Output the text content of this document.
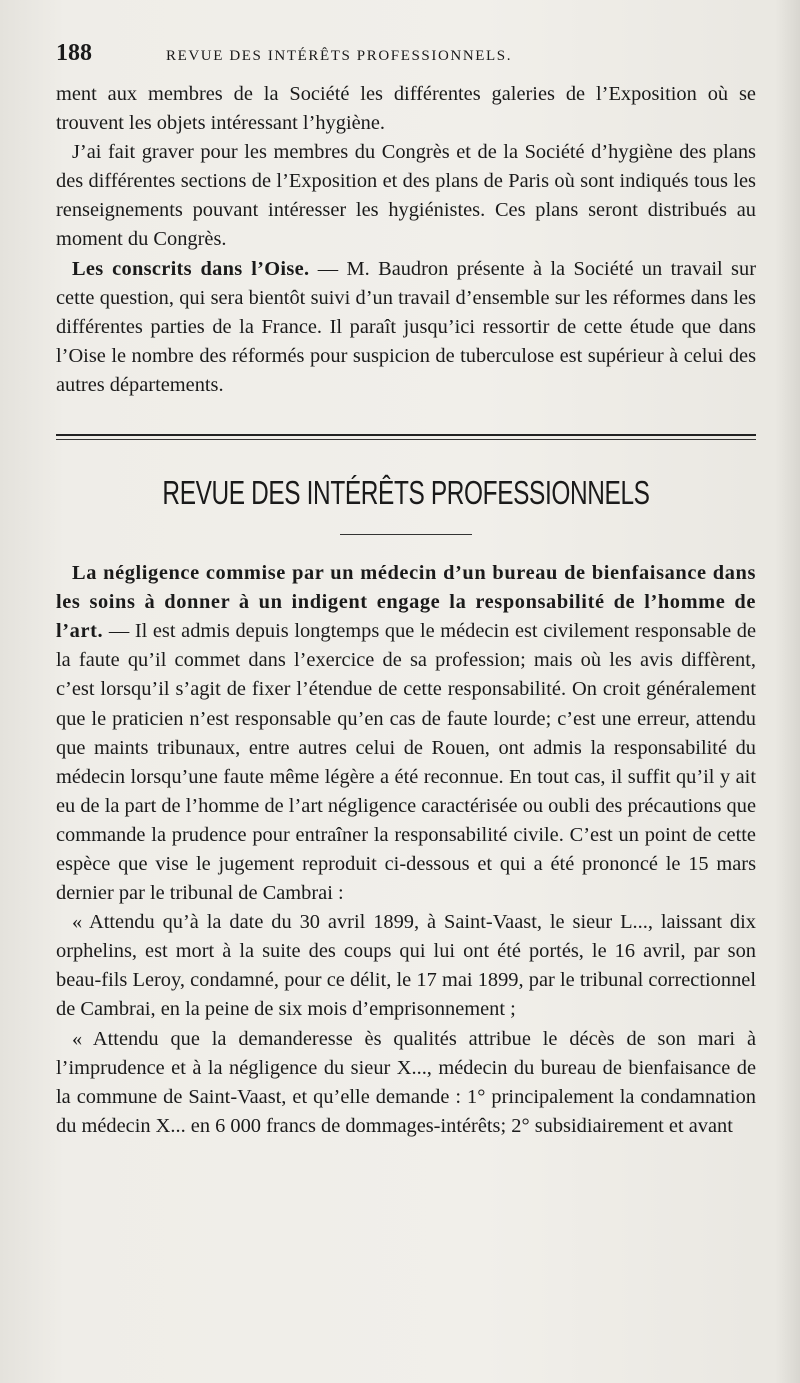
188	REVUE DES INTÉRÊTS PROFESSIONNELS.

ment aux membres de la Société les différentes galeries de l’Exposition où se trouvent les objets intéressant l’hygiène.

J’ai fait graver pour les membres du Congrès et de la Société d’hygiène des plans des différentes sections de l’Exposition et des plans de Paris où sont indiqués tous les renseignements pouvant intéresser les hygiénistes. Ces plans seront distribués au moment du Congrès.

Les conscrits dans l’Oise. — M. Baudron présente à la Société un travail sur cette question, qui sera bientôt suivi d’un travail d’ensemble sur les réformes dans les différentes parties de la France. Il paraît jusqu’ici ressortir de cette étude que dans l’Oise le nombre des réformés pour suspicion de tuberculose est supérieur à celui des autres départements.

REVUE DES INTÉRÊTS PROFESSIONNELS

La négligence commise par un médecin d’un bureau de bienfaisance dans les soins à donner à un indigent engage la responsabilité de l’homme de l’art. — Il est admis depuis longtemps que le médecin est civilement responsable de la faute qu’il commet dans l’exercice de sa profession; mais où les avis diffèrent, c’est lorsqu’il s’agit de fixer l’étendue de cette responsabilité. On croit généralement que le praticien n’est responsable qu’en cas de faute lourde; c’est une erreur, attendu que maints tribunaux, entre autres celui de Rouen, ont admis la responsabilité du médecin lorsqu’une faute même légère a été reconnue. En tout cas, il suffit qu’il y ait eu de la part de l’homme de l’art négligence caractérisée ou oubli des précautions que commande la prudence pour entraîner la responsabilité civile. C’est un point de cette espèce que vise le jugement reproduit ci-dessous et qui a été prononcé le 15 mars dernier par le tribunal de Cambrai :

« Attendu qu’à la date du 30 avril 1899, à Saint-Vaast, le sieur L..., laissant dix orphelins, est mort à la suite des coups qui lui ont été portés, le 16 avril, par son beau-fils Leroy, condamné, pour ce délit, le 17 mai 1899, par le tribunal correctionnel de Cambrai, en la peine de six mois d’emprisonnement ;

« Attendu que la demanderesse ès qualités attribue le décès de son mari à l’imprudence et à la négligence du sieur X..., médecin du bureau de bienfaisance de la commune de Saint-Vaast, et qu’elle demande : 1° principalement la condamnation du médecin X... en 6 000 francs de dommages-intérêts; 2° subsidiairement et avant
